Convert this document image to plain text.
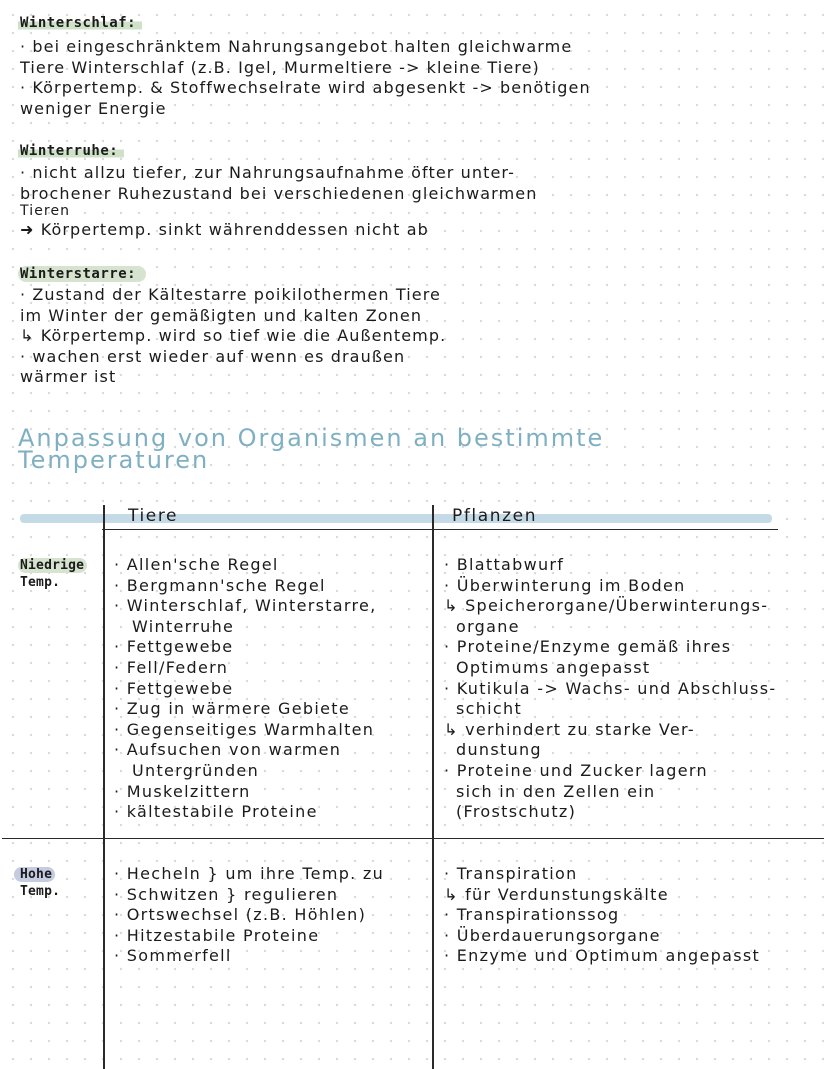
Winterschlaf:
· bei eingeschränktem Nahrungsangebot halten gleichwarme
Tiere Winterschlaf (z.B. Igel, Murmeltiere -> kleine Tiere)
· Körpertemp. & Stoffwechselrate wird abgesenkt -> benötigen
weniger Energie
Winterruhe:
· nicht allzu tiefer, zur Nahrungsaufnahme öfter unter-
brochener Ruhezustand bei verschiedenen gleichwarmen
Tieren
➜ Körpertemp. sinkt währenddessen nicht ab
Winterstarre:
· Zustand der Kältestarre poikilothermen Tiere
im Winter der gemäßigten und kalten Zonen
↳ Körpertemp. wird so tief wie die Außentemp.
· wachen erst wieder auf wenn es draußen
wärmer ist
Anpassung von Organismen an bestimmte
Temperaturen
Tiere	Pflanzen
Niedrige
Temp.
· Allen'sche Regel
· Bergmann'sche Regel
· Winterschlaf, Winterstarre,
Winterruhe
· Fettgewebe
· Fell/Federn
· Fettgewebe
· Zug in wärmere Gebiete
· Gegenseitiges Warmhalten
· Aufsuchen von warmen
Untergründen
· Muskelzittern
· kältestabile Proteine
· Blattabwurf
· Überwinterung im Boden
↳ Speicherorgane/Überwinterungs-
organe
· Proteine/Enzyme gemäß ihres
Optimums angepasst
· Kutikula -> Wachs- und Abschluss-
schicht
↳ verhindert zu starke Ver-
dunstung
· Proteine und Zucker lagern
sich in den Zellen ein
(Frostschutz)
Hohe
Temp.
· Hecheln } um ihre Temp. zu
· Schwitzen } regulieren
· Ortswechsel (z.B. Höhlen)
· Hitzestabile Proteine
· Sommerfell
· Transpiration
↳ für Verdunstungskälte
· Transpirationssog
· Überdauerungsorgane
· Enzyme und Optimum angepasst
